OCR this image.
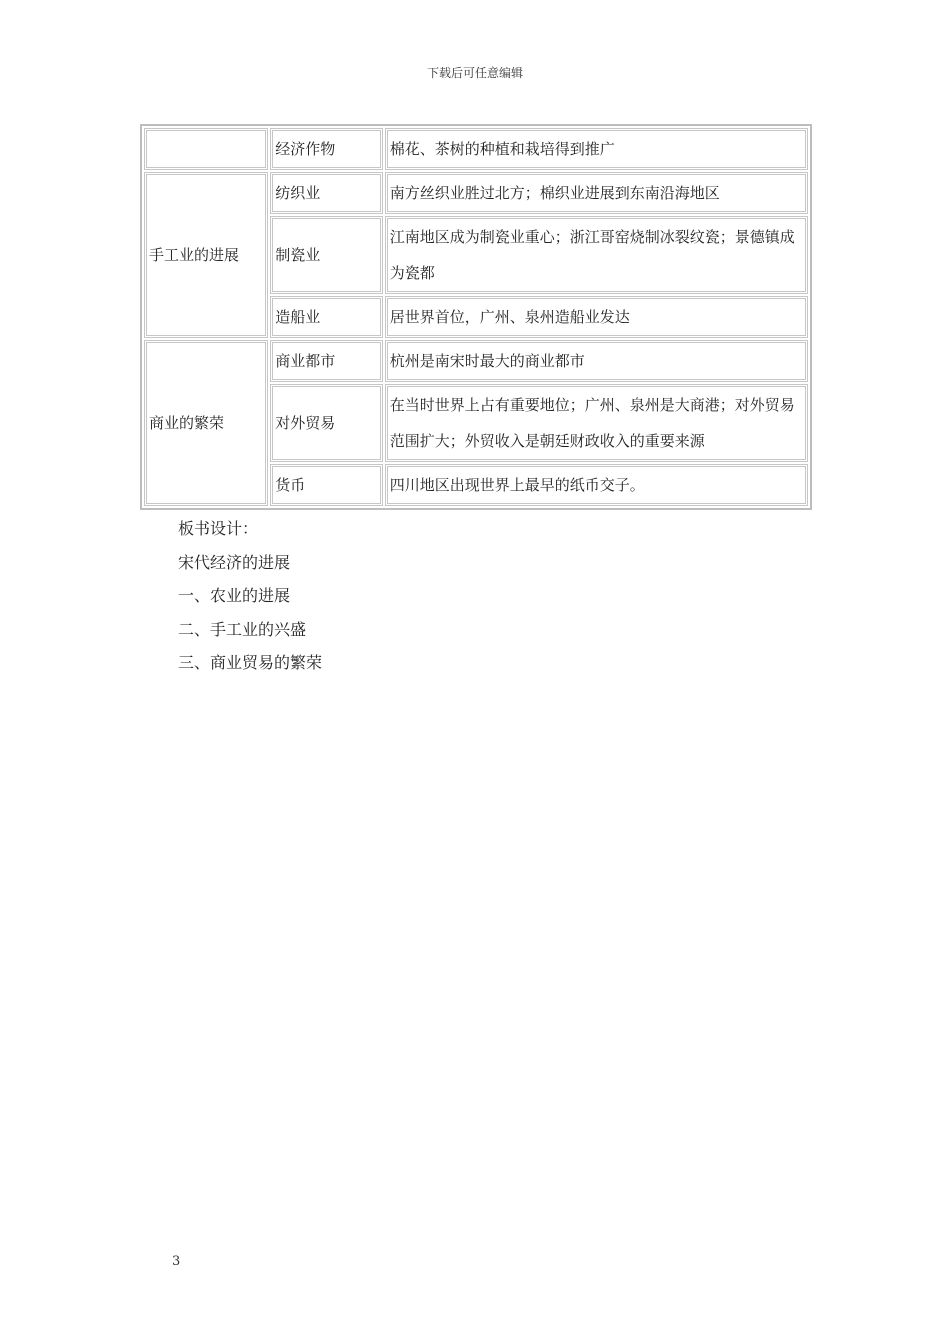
下载后可任意编辑
	经济作物	棉花、茶树的种植和栽培得到推广
手工业的进展	纺织业	南方丝织业胜过北方；棉织业进展到东南沿海地区
	制瓷业	江南地区成为制瓷业重心；浙江哥窑烧制冰裂纹瓷；景德镇成为瓷都
	造船业	居世界首位，广州、泉州造船业发达
商业的繁荣	商业都市	杭州是南宋时最大的商业都市
	对外贸易	在当时世界上占有重要地位；广州、泉州是大商港；对外贸易范围扩大；外贸收入是朝廷财政收入的重要来源
	货币	四川地区出现世界上最早的纸币交子。
板书设计：
宋代经济的进展
一、农业的进展
二、手工业的兴盛
三、商业贸易的繁荣
3
